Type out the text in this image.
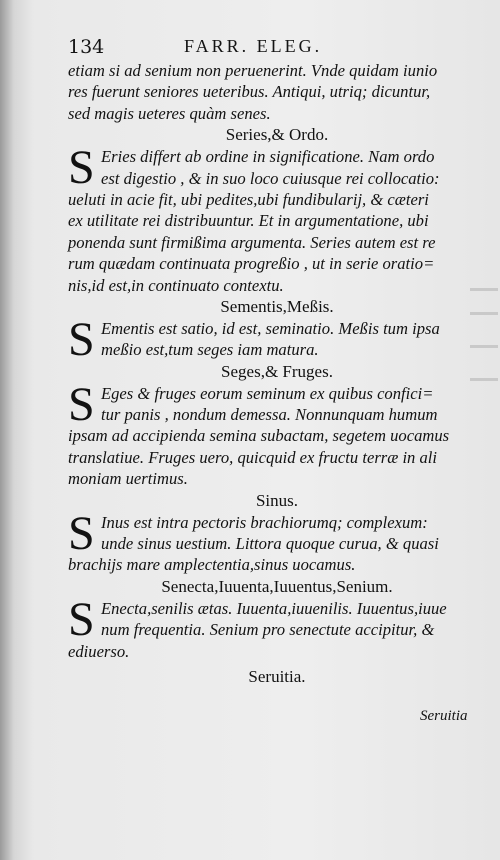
134	FARR. ELEG.
etiam si ad senium non peruenerint. Vnde quidam iunio
res fuerunt seniores ueteribus. Antiqui, utriq; dicuntur,
sed magis ueteres quàm senes.
Series,& Ordo.
S Eries differt ab ordine in significatione. Nam ordo
est digestio , & in suo loco cuiusque rei collocatio:
ueluti in acie fit, ubi pedites,ubi fundibularij, & cæteri
ex utilitate rei distribuuntur. Et in argumentatione, ubi
ponenda sunt firmißima argumenta. Series autem est re
rum quædam continuata progreßio , ut in serie oratio=
nis,id est,in continuato contextu.
Sementis,Meßis.
S Ementis est satio, id est, seminatio. Meßis tum ipsa
meßio est,tum seges iam matura.
Seges,& Fruges.
S Eges & fruges eorum seminum ex quibus confici=
tur panis , nondum demessa. Nonnunquam humum
ipsam ad accipienda semina subactam, segetem uocamus
translatiue. Fruges uero, quicquid ex fructu terræ in ali
moniam uertimus.
Sinus.
S Inus est intra pectoris brachiorumq; complexum:
unde sinus uestium. Littora quoque curua, & quasi
brachijs mare amplectentia,sinus uocamus.
Senecta,Iuuenta,Iuuentus,Senium.
S Enecta,senilis ætas. Iuuenta,iuuenilis. Iuuentus,iuue
num frequentia. Senium pro senectute accipitur, &
ediuerso.
Seruitia.
Seruitia
